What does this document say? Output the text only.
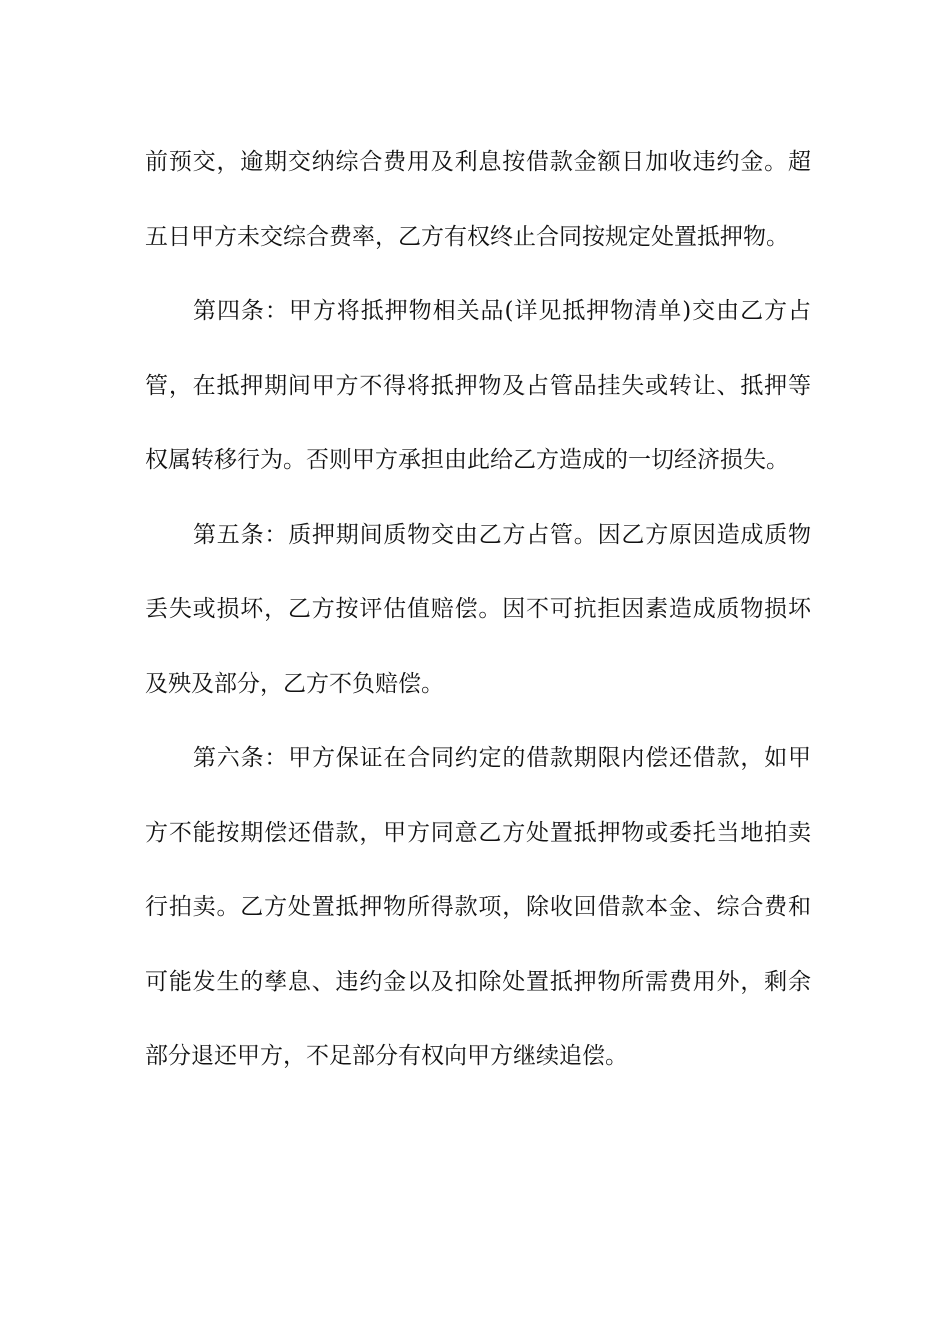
前预交，逾期交纳综合费用及利息按借款金额日加收违约金。超五日甲方未交综合费率，乙方有权终止合同按规定处置抵押物。

第四条：甲方将抵押物相关品(详见抵押物清单)交由乙方占管，在抵押期间甲方不得将抵押物及占管品挂失或转让、抵押等权属转移行为。否则甲方承担由此给乙方造成的一切经济损失。

第五条：质押期间质物交由乙方占管。因乙方原因造成质物丢失或损坏，乙方按评估值赔偿。因不可抗拒因素造成质物损坏及殃及部分，乙方不负赔偿。

第六条：甲方保证在合同约定的借款期限内偿还借款，如甲方不能按期偿还借款，甲方同意乙方处置抵押物或委托当地拍卖行拍卖。乙方处置抵押物所得款项，除收回借款本金、综合费和可能发生的孳息、违约金以及扣除处置抵押物所需费用外，剩余部分退还甲方，不足部分有权向甲方继续追偿。
